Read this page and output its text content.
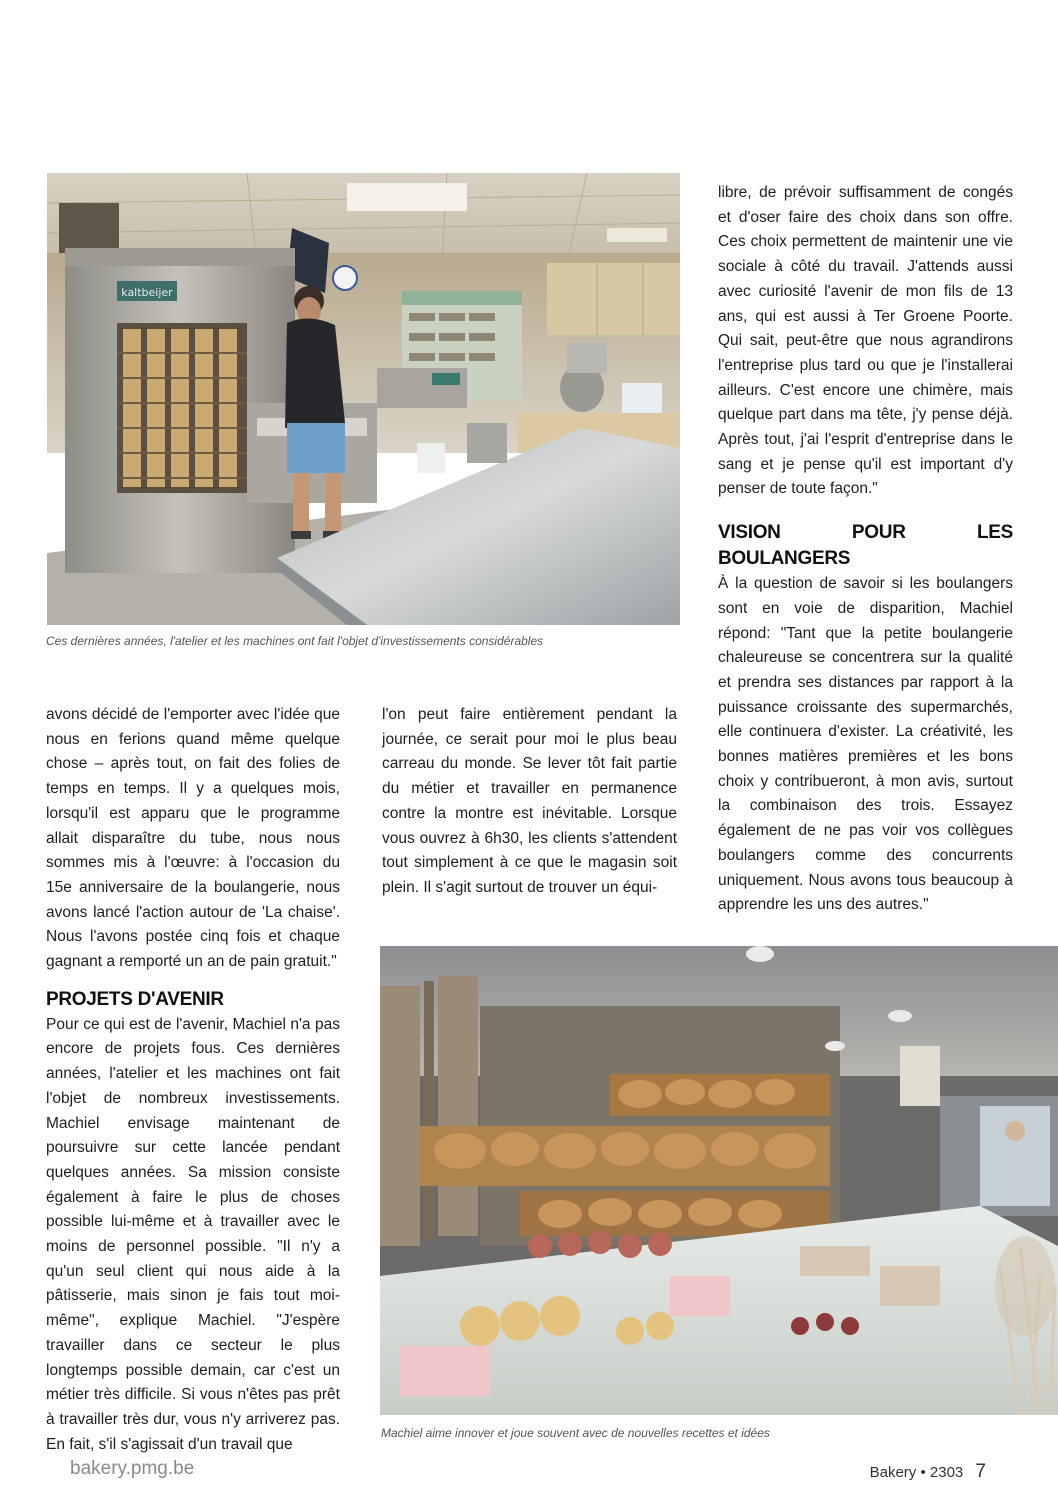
kaltbeijer
Ces dernières années, l'atelier et les machines ont fait l'objet d'investissements considérables
Machiel aime innover et joue souvent avec de nouvelles recettes et idées

avons décidé de l'emporter avec l'idée que nous en ferions quand même quelque chose – après tout, on fait des folies de temps en temps. Il y a quelques mois, lorsqu'il est apparu que le programme allait disparaître du tube, nous nous sommes mis à l'œuvre: à l'occasion du 15e anniversaire de la boulangerie, nous avons lancé l'action autour de 'La chaise'. Nous l'avons postée cinq fois et chaque gagnant a remporté un an de pain gratuit."

PROJETS D'AVENIR

Pour ce qui est de l'avenir, Machiel n'a pas encore de projets fous. Ces dernières années, l'atelier et les machines ont fait l'objet de nombreux investissements. Machiel envisage maintenant de poursuivre sur cette lancée pendant quelques années. Sa mission consiste également à faire le plus de choses possible lui-même et à travailler avec le moins de personnel possible. "Il n'y a qu'un seul client qui nous aide à la pâtisserie, mais sinon je fais tout moi-même", explique Machiel. "J'espère travailler dans ce secteur le plus longtemps possible demain, car c'est un métier très difficile. Si vous n'êtes pas prêt à travailler très dur, vous n'y arriverez pas. En fait, s'il s'agissait d'un travail que

l'on peut faire entièrement pendant la journée, ce serait pour moi le plus beau carreau du monde. Se lever tôt fait partie du métier et travailler en permanence contre la montre est inévitable. Lorsque vous ouvrez à 6h30, les clients s'attendent tout simplement à ce que le magasin soit plein. Il s'agit surtout de trouver un équi-

libre, de prévoir suffisamment de congés et d'oser faire des choix dans son offre. Ces choix permettent de maintenir une vie sociale à côté du travail. J'attends aussi avec curiosité l'avenir de mon fils de 13 ans, qui est aussi à Ter Groene Poorte. Qui sait, peut-être que nous agrandirons l'entreprise plus tard ou que je l'installerai ailleurs. C'est encore une chimère, mais quelque part dans ma tête, j'y pense déjà. Après tout, j'ai l'esprit d'entreprise dans le sang et je pense qu'il est important d'y penser de toute façon."

VISION POUR LES BOULANGERS

À la question de savoir si les boulangers sont en voie de disparition, Machiel répond: "Tant que la petite boulangerie chaleureuse se concentrera sur la qualité et prendra ses distances par rapport à la puissance croissante des supermarchés, elle continuera d'exister. La créativité, les bonnes matières premières et les bons choix y contribueront, à mon avis, surtout la combinaison des trois. Essayez également de ne pas voir vos collègues boulangers comme des concurrents uniquement. Nous avons tous beaucoup à apprendre les uns des autres."

bakery.pmg.be	Bakery • 2303 7
